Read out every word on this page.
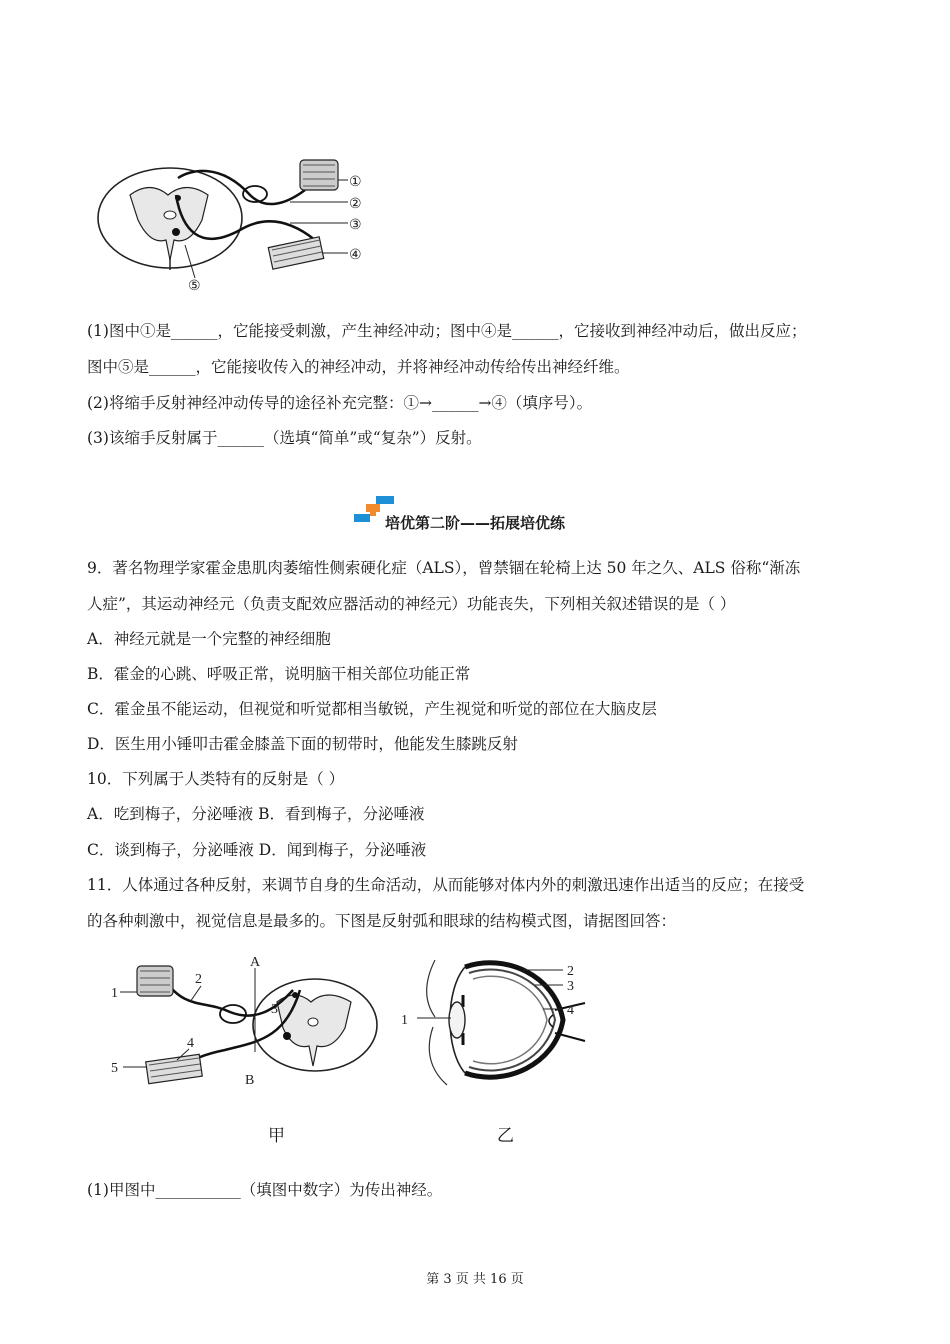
①
②
③
④
⑤
(1)图中①是______，它能接受刺激，产生神经冲动；图中④是______，它接收到神经冲动后，做出反应；
图中⑤是______，它能接收传入的神经冲动，并将神经冲动传给传出神经纤维。
(2)将缩手反射神经冲动传导的途径补充完整：①→______→④（填序号）。
(3)该缩手反射属于______（选填“简单”或“复杂”）反射。
培优第二阶——拓展培优练
9．著名物理学家霍金患肌肉萎缩性侧索硬化症（ALS），曾禁锢在轮椅上达 50 年之久、ALS 俗称“渐冻
人症”，其运动神经元（负责支配效应器活动的神经元）功能丧失，下列相关叙述错误的是（ ）
A．神经元就是一个完整的神经细胞
B．霍金的心跳、呼吸正常，说明脑干相关部位功能正常
C．霍金虽不能运动，但视觉和听觉都相当敏锐，产生视觉和听觉的部位在大脑皮层
D．医生用小锤叩击霍金膝盖下面的韧带时，他能发生膝跳反射
10．下列属于人类特有的反射是（ ）
A．吃到梅子，分泌唾液 B．看到梅子，分泌唾液
C．谈到梅子，分泌唾液 D．闻到梅子，分泌唾液
11．人体通过各种反射，来调节自身的生命活动，从而能够对体内外的刺激迅速作出适当的反应；在接受
的各种刺激中，视觉信息是最多的。下图是反射弧和眼球的结构模式图，请据图回答：
1
2
A
3
4
5
B
1
2
3
4
甲	乙
(1)甲图中___________（填图中数字）为传出神经。
第 3 页 共 16 页
